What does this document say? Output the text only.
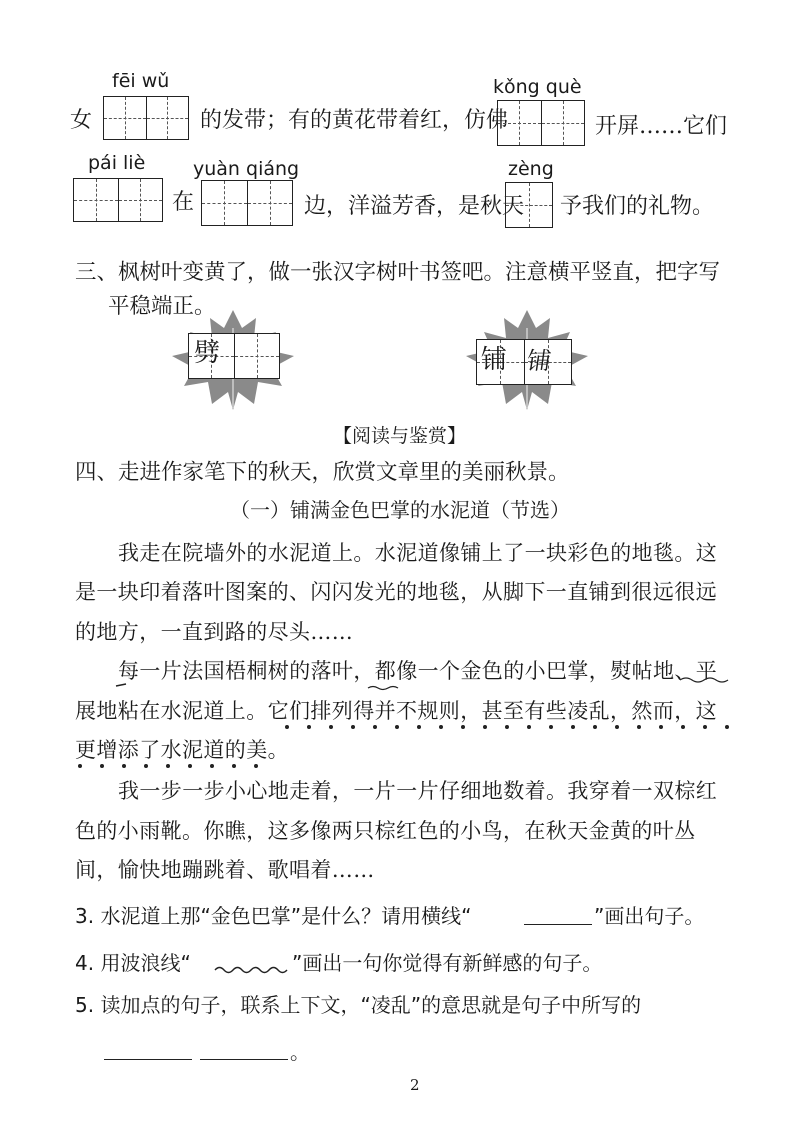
女
fēi wǔ
的发带；有的黄花带着红，仿佛
kǒng què
开屏……它们
pái liè
在
yuàn qiáng
边，洋溢芳香，是秋天
zèng
予我们的礼物。
三、枫树叶变黄了，做一张汉字树叶书签吧。注意横平竖直，把字写
平稳端正。
劈	铺 铺
【阅读与鉴赏】
四、走进作家笔下的秋天，欣赏文章里的美丽秋景。
（一）铺满金色巴掌的水泥道（节选）
我走在院墙外的水泥道上。水泥道像铺上了一块彩色的地毯。这
是一块印着落叶图案的、闪闪发光的地毯，从脚下一直铺到很远很远
的地方，一直到路的尽头……
每一片法国梧桐树的落叶，都像一个金色的小巴掌，熨帖地、平
展地粘在水泥道上。它们排列得并不规则，甚至有些凌乱，然而，这
更增添了水泥道的美。
我一步一步小心地走着，一片一片仔细地数着。我穿着一双棕红
色的小雨靴。你瞧，这多像两只棕红色的小鸟，在秋天金黄的叶丛
间，愉快地蹦跳着、歌唱着……
3. 水泥道上那“金色巴掌”是什么？请用横线“	”画出句子。
4. 用波浪线“	”画出一句你觉得有新鲜感的句子。
5. 读加点的句子，联系上下文，“凌乱”的意思就是句子中所写的
。
2
